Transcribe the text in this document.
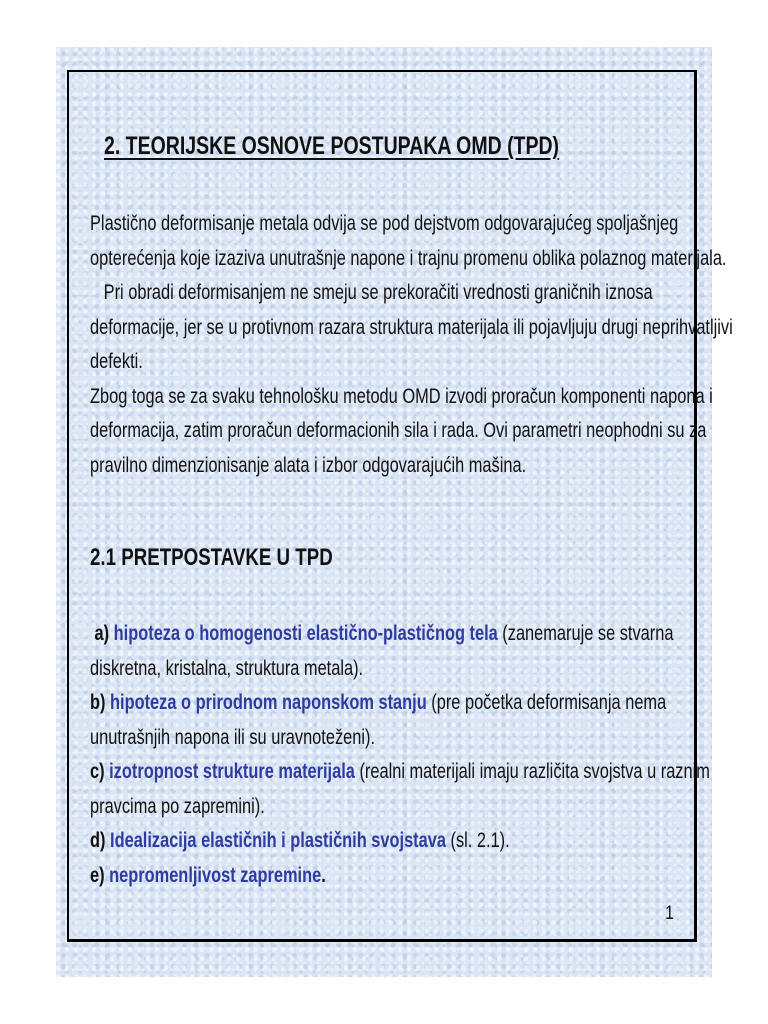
2. TEORIJSKE OSNOVE POSTUPAKA OMD (TPD)

Plastično deformisanje metala odvija se pod dejstvom odgovarajućeg spoljašnjeg

opterećenja koje izaziva unutrašnje napone i trajnu promenu oblika polaznog materijala.

Pri obradi deformisanjem ne smeju se prekoračiti vrednosti graničnih iznosa

deformacije, jer se u protivnom razara struktura materijala ili pojavljuju drugi neprihvatljivi

defekti.

Zbog toga se za svaku tehnološku metodu OMD izvodi proračun komponenti napona i

deformacija, zatim proračun deformacionih sila i rada. Ovi parametri neophodni su za

pravilno dimenzionisanje alata i izbor odgovarajućih mašina.

2.1 PRETPOSTAVKE U TPD

a) hipoteza o homogenosti elastično-plastičnog tela (zanemaruje se stvarna

diskretna, kristalna, struktura metala).

b) hipoteza o prirodnom naponskom stanju (pre početka deformisanja nema

unutrašnjih napona ili su uravnoteženi).

c) izotropnost strukture materijala (realni materijali imaju različita svojstva u raznim

pravcima po zapremini).

d) Idealizacija elastičnih i plastičnih svojstava (sl. 2.1).

e) nepromenljivost zapremine.

1
